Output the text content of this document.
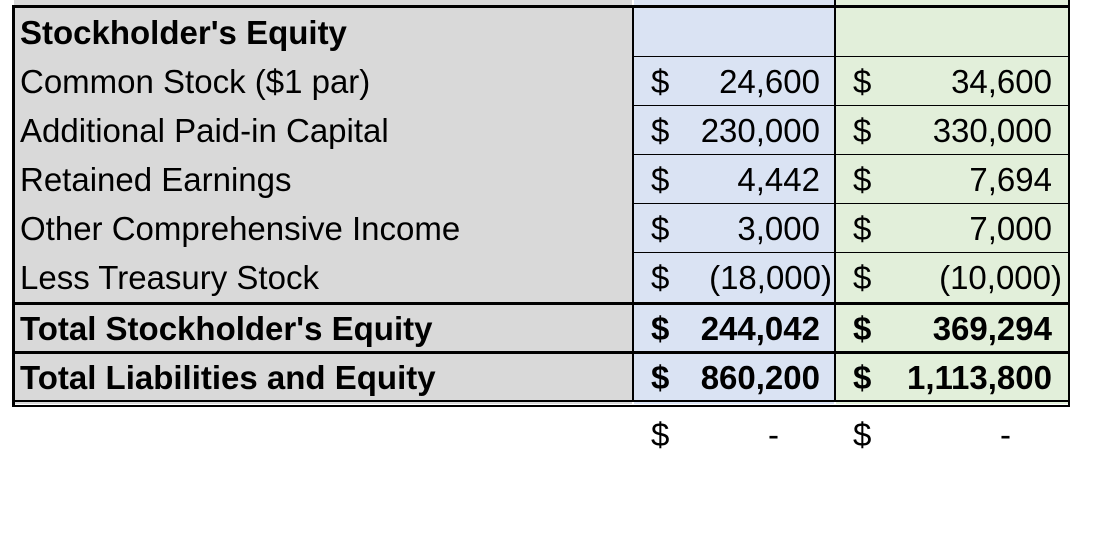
Stockholder's Equity
Common Stock ($1 par)	$ 24,600 $ 34,600
Additional Paid-in Capital	$ 230,000 $ 330,000
Retained Earnings	$ 4,442 $	7,694
Other Comprehensive Income	$ 3,000 $	7,000
Less Treasury Stock	$ (18,000) $ (10,000)
Total Stockholder's Equity	$ 244,042 $ 369,294
Total Liabilities and Equity	$ 860,200 $ 1,113,800
$	- $	-
